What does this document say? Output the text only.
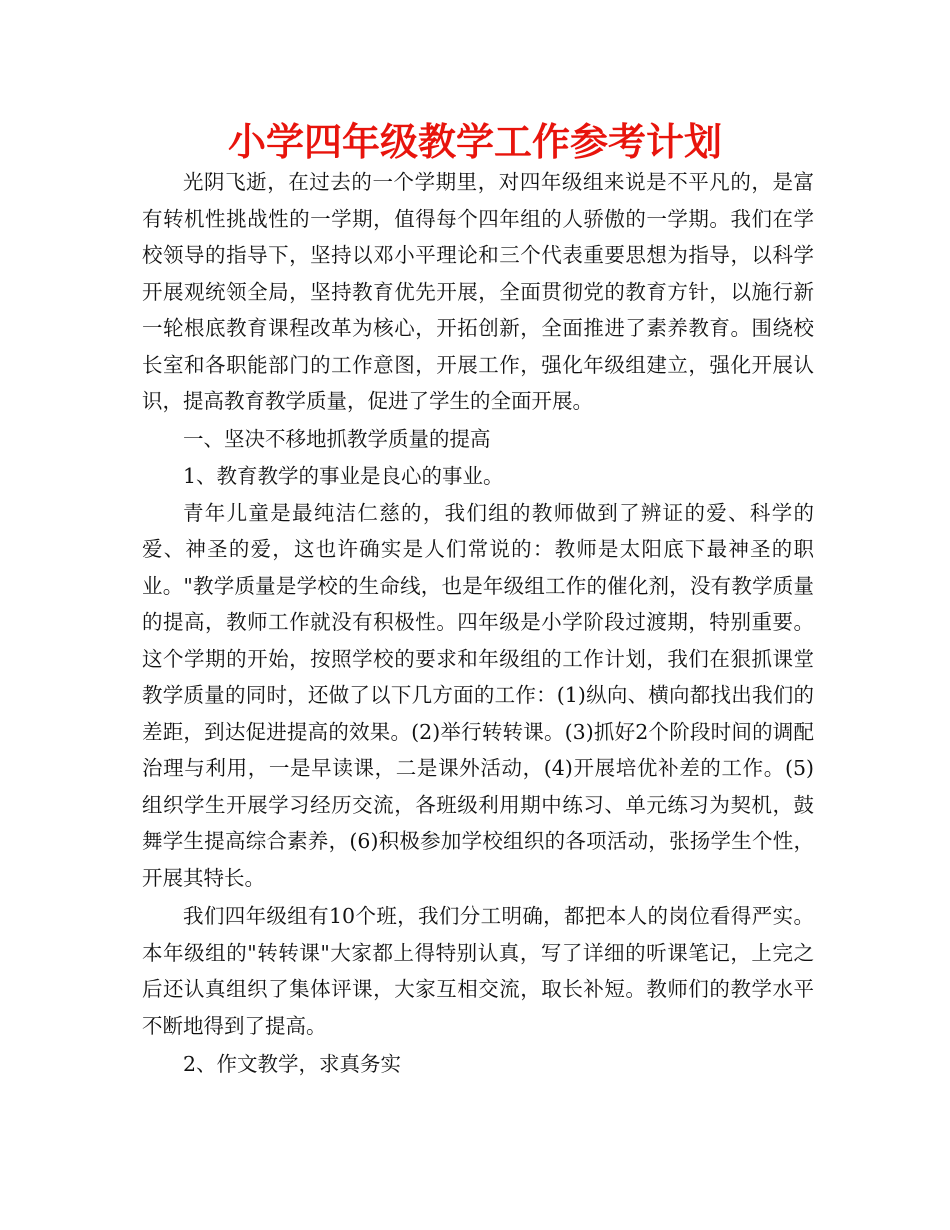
小学四年级教学工作参考计划

光阴飞逝，在过去的一个学期里，对四年级组来说是不平凡的，是富有转机性挑战性的一学期，值得每个四年组的人骄傲的一学期。我们在学校领导的指导下，坚持以邓小平理论和三个代表重要思想为指导，以科学开展观统领全局，坚持教育优先开展，全面贯彻党的教育方针，以施行新一轮根底教育课程改革为核心，开拓创新，全面推进了素养教育。围绕校长室和各职能部门的工作意图，开展工作，强化年级组建立，强化开展认识，提高教育教学质量，促进了学生的全面开展。

一、坚决不移地抓教学质量的提高

1、教育教学的事业是良心的事业。

青年儿童是最纯洁仁慈的，我们组的教师做到了辨证的爱、科学的爱、神圣的爱，这也许确实是人们常说的：教师是太阳底下最神圣的职业。"教学质量是学校的生命线，也是年级组工作的催化剂，没有教学质量的提高，教师工作就没有积极性。四年级是小学阶段过渡期，特别重要。这个学期的开始，按照学校的要求和年级组的工作计划，我们在狠抓课堂教学质量的同时，还做了以下几方面的工作：(1)纵向、横向都找出我们的差距，到达促进提高的效果。(2)举行转转课。(3)抓好2个阶段时间的调配治理与利用，一是早读课，二是课外活动，(4)开展培优补差的工作。(5)组织学生开展学习经历交流，各班级利用期中练习、单元练习为契机，鼓舞学生提高综合素养，(6)积极参加学校组织的各项活动，张扬学生个性，开展其特长。

我们四年级组有10个班，我们分工明确，都把本人的岗位看得严实。本年级组的"转转课"大家都上得特别认真，写了详细的听课笔记，上完之后还认真组织了集体评课，大家互相交流，取长补短。教师们的教学水平不断地得到了提高。

2、作文教学，求真务实
